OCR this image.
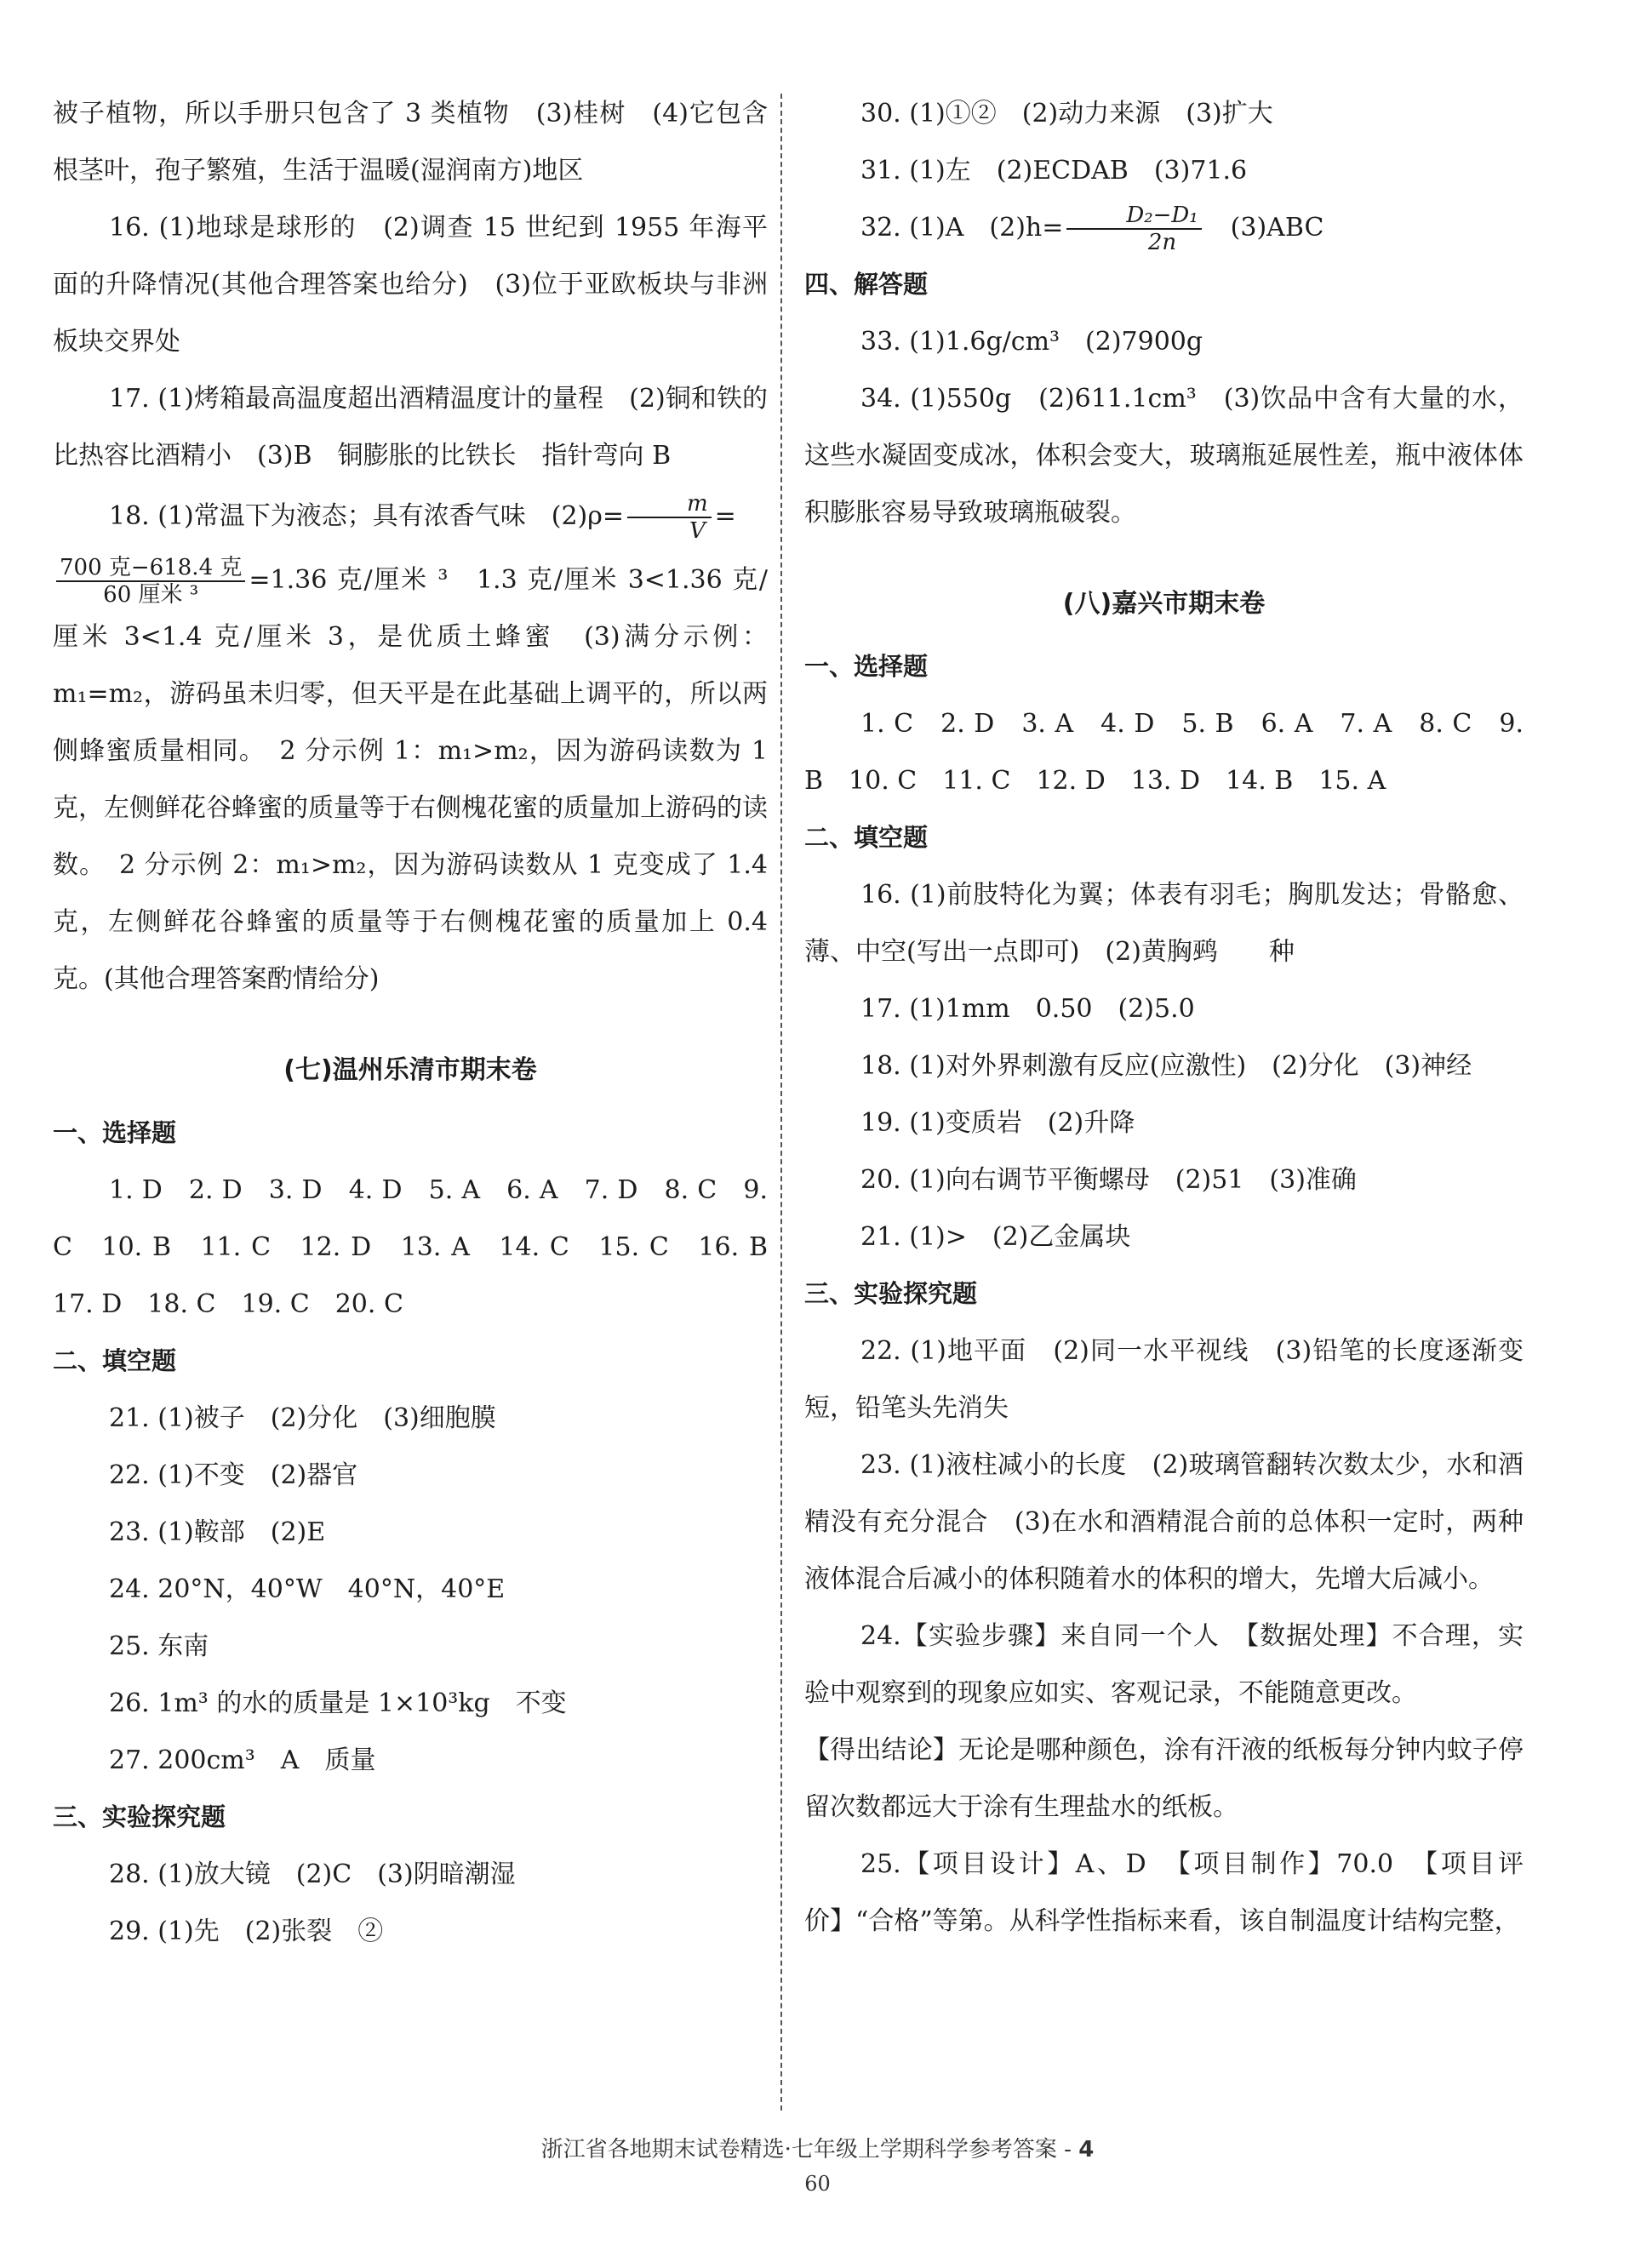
被子植物，所以手册只包含了 3 类植物　(3)桂树　(4)它包含根茎叶，孢子繁殖，生活于温暖(湿润南方)地区

16. (1)地球是球形的　(2)调查 15 世纪到 1955 年海平面的升降情况(其他合理答案也给分)　(3)位于亚欧板块与非洲板块交界处

17. (1)烤箱最高温度超出酒精温度计的量程　(2)铜和铁的比热容比酒精小　(3)B　铜膨胀的比铁长　指针弯向 B

18. (1)常温下为液态；具有浓香气味　$(2)\rho= \frac{m}{V}$ =

$\frac{\text{700 克−618.4 克}}{\text{60 厘米 ³}} =1.36$ 克/厘米 ³　1.3 克/厘米 3<1.36 克/厘米 3<1.4 克/厘米 3，是优质土蜂蜜　(3)满分示例：m₁=m₂，游码虽未归零，但天平是在此基础上调平的，所以两侧蜂蜜质量相同。　2 分示例 1：m₁>m₂，因为游码读数为 1 克，左侧鲜花谷蜂蜜的质量等于右侧槐花蜜的质量加上游码的读数。　2 分示例 2：m₁>m₂，因为游码读数从 1 克变成了 1.4 克，左侧鲜花谷蜂蜜的质量等于右侧槐花蜜的质量加上 0.4 克。(其他合理答案酌情给分)

(七)温州乐清市期末卷

一、选择题

1. D　2. D　3. D　4. D　5. A　6. A　7. D　8. C　9. C　10. B　11. C　12. D　13. A　14. C　15. C　16. B　17. D　18. C　19. C　20. C

二、填空题

21. (1)被子　(2)分化　(3)细胞膜

22. (1)不变　(2)器官

23. (1)鞍部　(2)E

24. 20°N，40°W　40°N，40°E

25. 东南

26. 1m³ 的水的质量是 1×10³kg　不变

27. 200cm³　A　质量

三、实验探究题

28. (1)放大镜　(2)C　(3)阴暗潮湿

29. (1)先　(2)张裂　②

30. (1)①②　(2)动力来源　(3)扩大

31. (1)左　(2)ECDAB　(3)71.6

32. (1)A　$(2)h= \frac{\text{D₂−D₁}}{2n}$ 　(3)ABC

四、解答题

33. (1)1.6g/cm³　(2)7900g

34. (1)550g　(2)611.1cm³　(3)饮品中含有大量的水，这些水凝固变成冰，体积会变大，玻璃瓶延展性差，瓶中液体体积膨胀容易导致玻璃瓶破裂。

(八)嘉兴市期末卷

一、选择题

1. C　2. D　3. A　4. D　5. B　6. A　7. A　8. C　9. B　10. C　11. C　12. D　13. D　14. B　15. A

二、填空题

16. (1)前肢特化为翼；体表有羽毛；胸肌发达；骨骼愈、薄、中空(写出一点即可)　(2)黄胸鹀　　种

17. (1)1mm　0.50　(2)5.0

18. (1)对外界刺激有反应(应激性)　(2)分化　(3)神经

19. (1)变质岩　(2)升降

20. (1)向右调节平衡螺母　(2)51　(3)准确

21. (1)>　(2)乙金属块

三、实验探究题

22. (1)地平面　(2)同一水平视线　(3)铅笔的长度逐渐变短，铅笔头先消失

23. (1)液柱减小的长度　(2)玻璃管翻转次数太少，水和酒精没有充分混合　(3)在水和酒精混合前的总体积一定时，两种液体混合后减小的体积随着水的体积的增大，先增大后减小。

24.【实验步骤】来自同一个人　【数据处理】不合理，实验中观察到的现象应如实、客观记录，不能随意更改。

【得出结论】无论是哪种颜色，涂有汗液的纸板每分钟内蚊子停留次数都远大于涂有生理盐水的纸板。

25.【项目设计】A、D　【项目制作】70.0　【项目评价】“合格”等第。从科学性指标来看，该自制温度计结构完整，

浙江省各地期末试卷精选·七年级上学期科学参考答案 - 4
60
